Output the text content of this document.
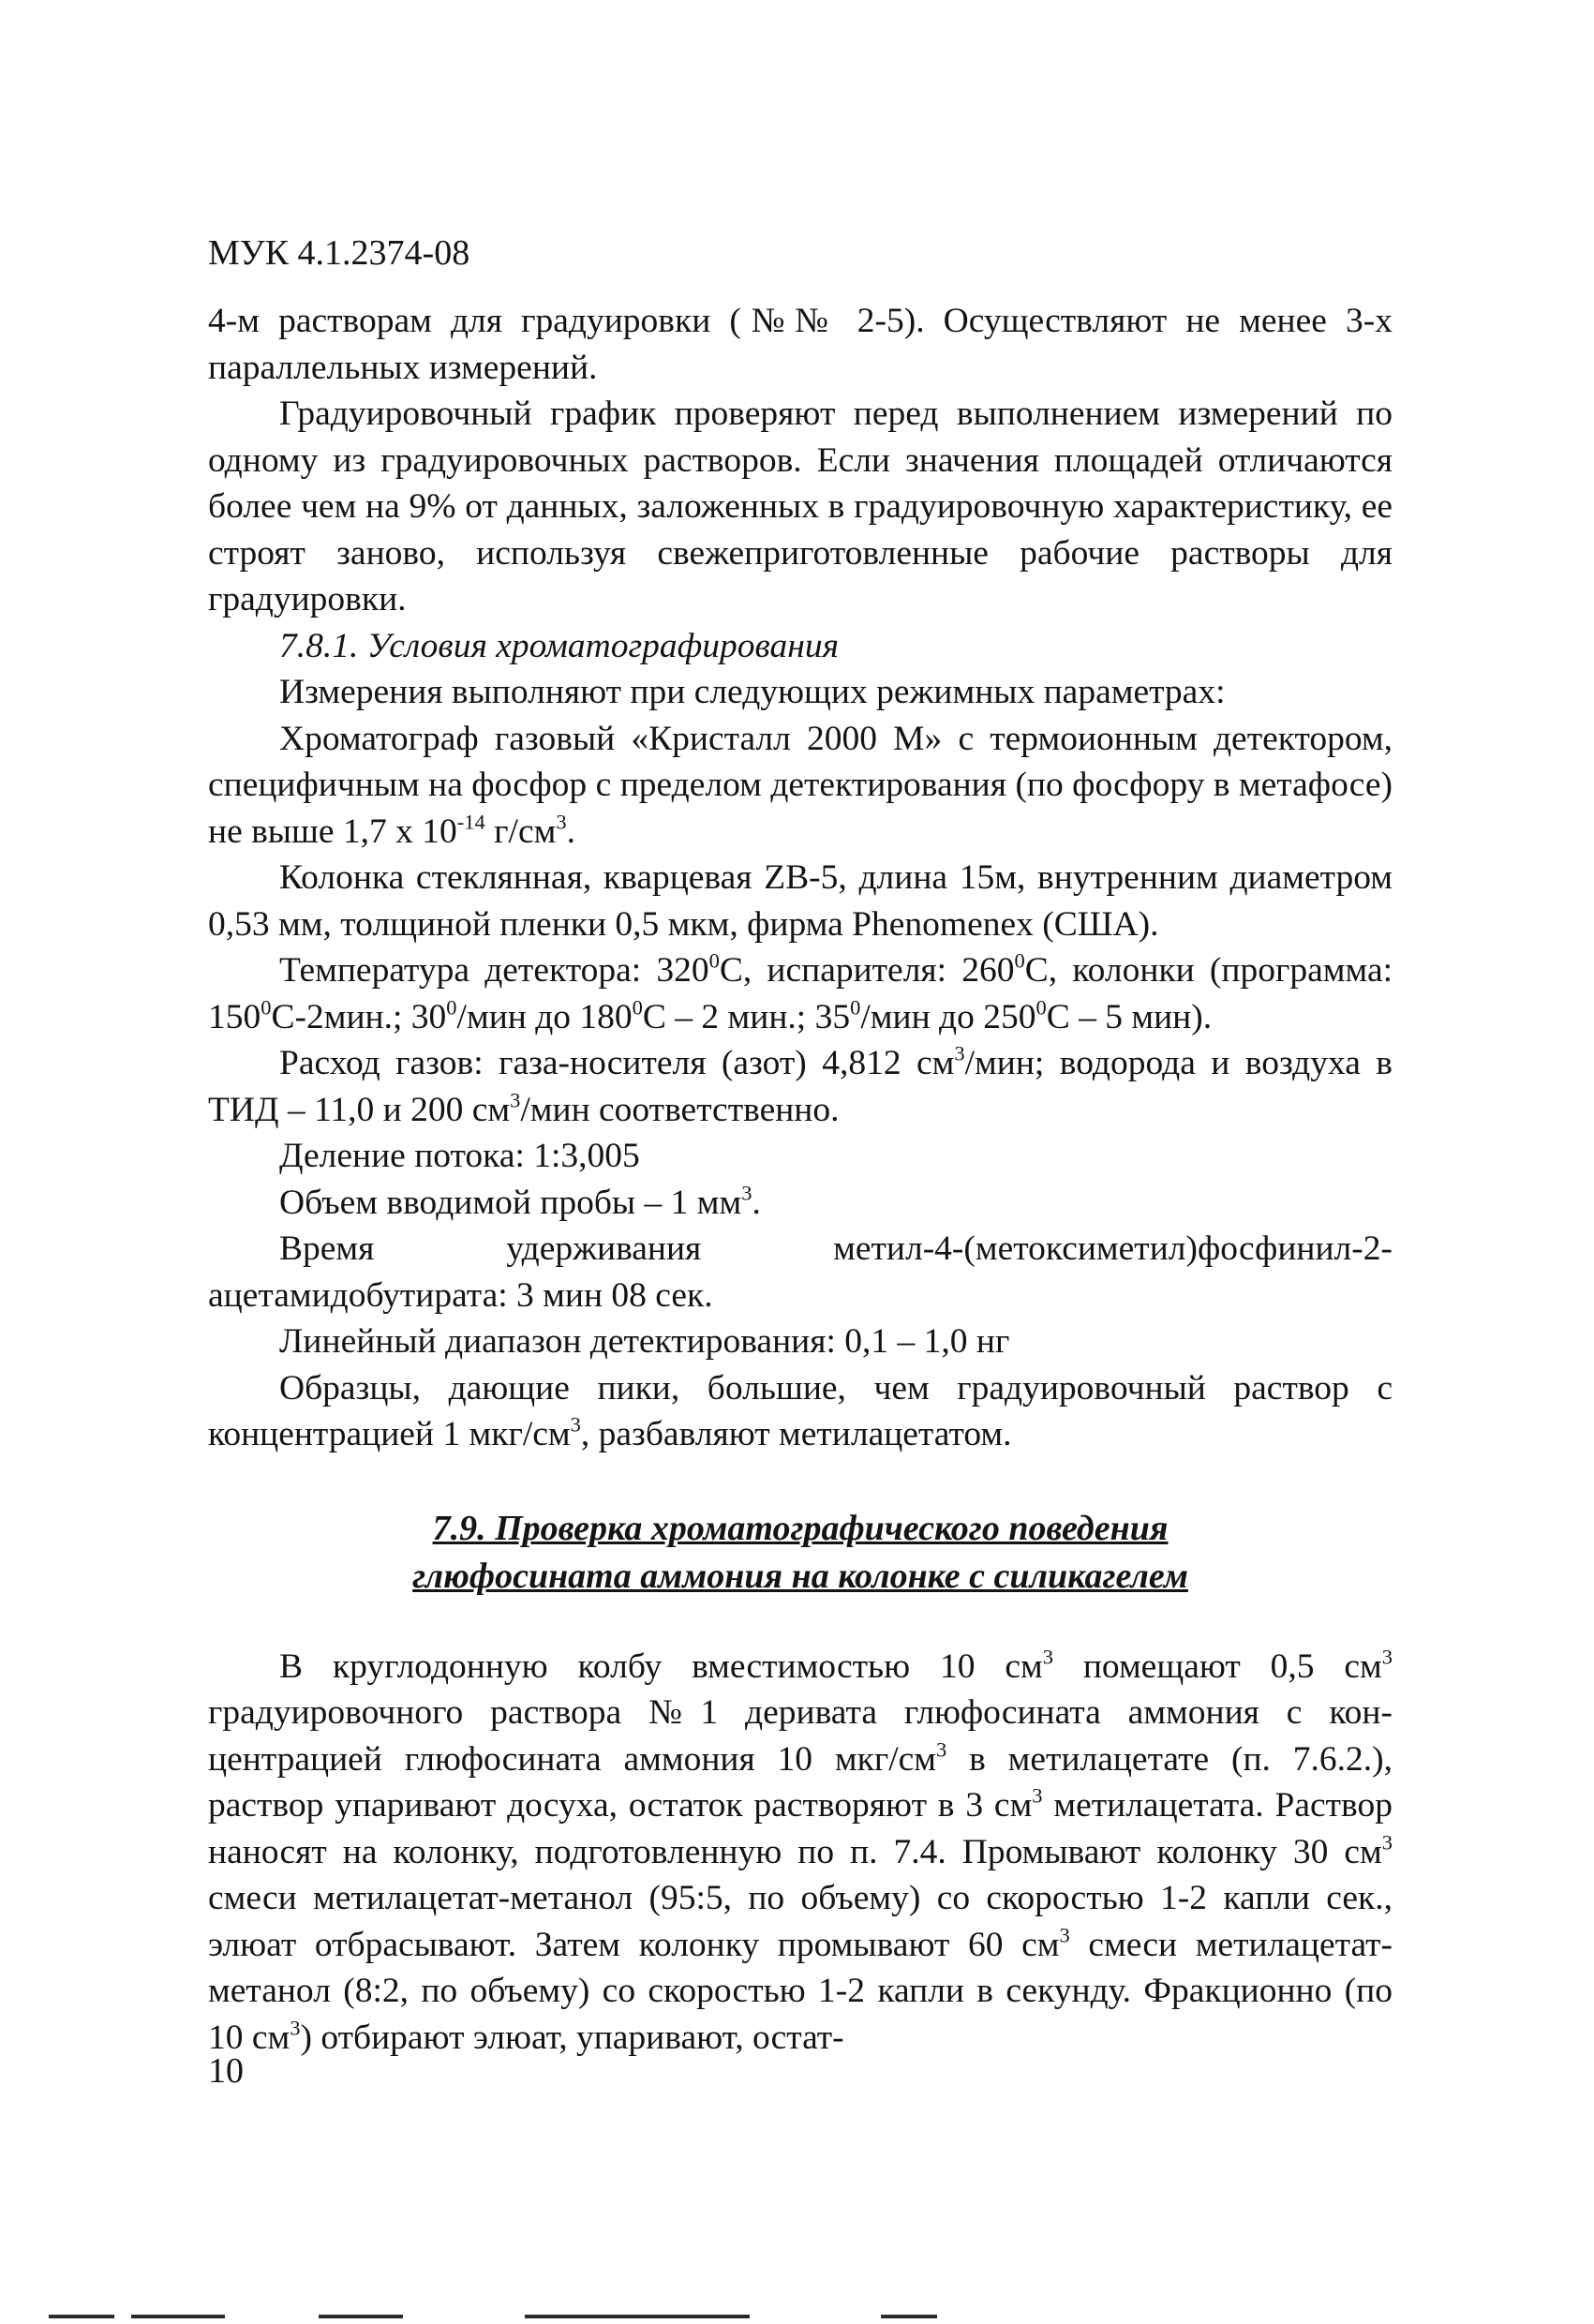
МУК 4.1.2374-08

4-м растворам для градуировки (№№ 2-5). Осуществляют не менее 3-х параллельных измерений.

Градуировочный график проверяют перед выполнением измерений по одному из градуировочных растворов. Если значения площадей отличаются более чем на 9% от данных, заложенных в градуировочную характеристику, ее строят заново, используя свежеприготовленные рабочие растворы для градуировки.

7.8.1. Условия хроматографирования

Измерения выполняют при следующих режимных параметрах:

Хроматограф газовый «Кристалл 2000 М» с термоионным детектором, специфичным на фосфор с пределом детектирования (по фосфору в метафосе) не выше 1,7 х $10^{-14}$ $г/см^3$.

Колонка стеклянная, кварцевая ZB-5, длина 15м, внутренним диаметром 0,53 мм, толщиной пленки 0,5 мкм, фирма Phenomenex (США).

Температура детектора: $320^0С$, испарителя: $260^0С$, колонки (программа: $150^0С-2мин$.; $30^0$/мин до $180^0С - 2$ мин.; $35^0$/мин до $250^0С - 5$ мин).

Расход газов: газа-носителя (азот) 4,812 $см^3$/мин; водорода и воздуха в ТИД – 11,0 и 200 $см^3$/мин соответственно.

Деление потока: 1:3,005

Объем вводимой пробы – 1 $мм^3$.

Время удерживания метил-4-(метоксиметил)фосфинил-2-ацетамидобутирата: 3 мин 08 сек.

Линейный диапазон детектирования: 0,1 – 1,0 нг

Образцы, дающие пики, большие, чем градуировочный раствор с концентрацией 1 мкг/$см^3$, разбавляют метилацетатом.

7.9. Проверка хроматографического поведения
глюфосината аммония на колонке с силикагелем

В круглодонную колбу вместимостью 10 $см^3$ помещают 0,5 $см^3$ градуировочного раствора №1 деривата глюфосината аммония с концентрацией глюфосината аммония 10 мкг/$см^3$ в метилацетате (п. 7.6.2.), раствор упаривают досуха, остаток растворяют в 3 $см^3$ метилацетата. Раствор наносят на колонку, подготовленную по п. 7.4. Промывают колонку 30 $см^3$ смеси метилацетат-метанол (95:5, по объему) со скоростью 1-2 капли сек., элюат отбрасывают. Затем колонку промывают 60 $см^3$ смеси метилацетат-метанол (8:2, по объему) со скоростью 1-2 капли в секунду. Фракционно (по 10 $см^3$) отбирают элюат, упаривают, остат-

10
